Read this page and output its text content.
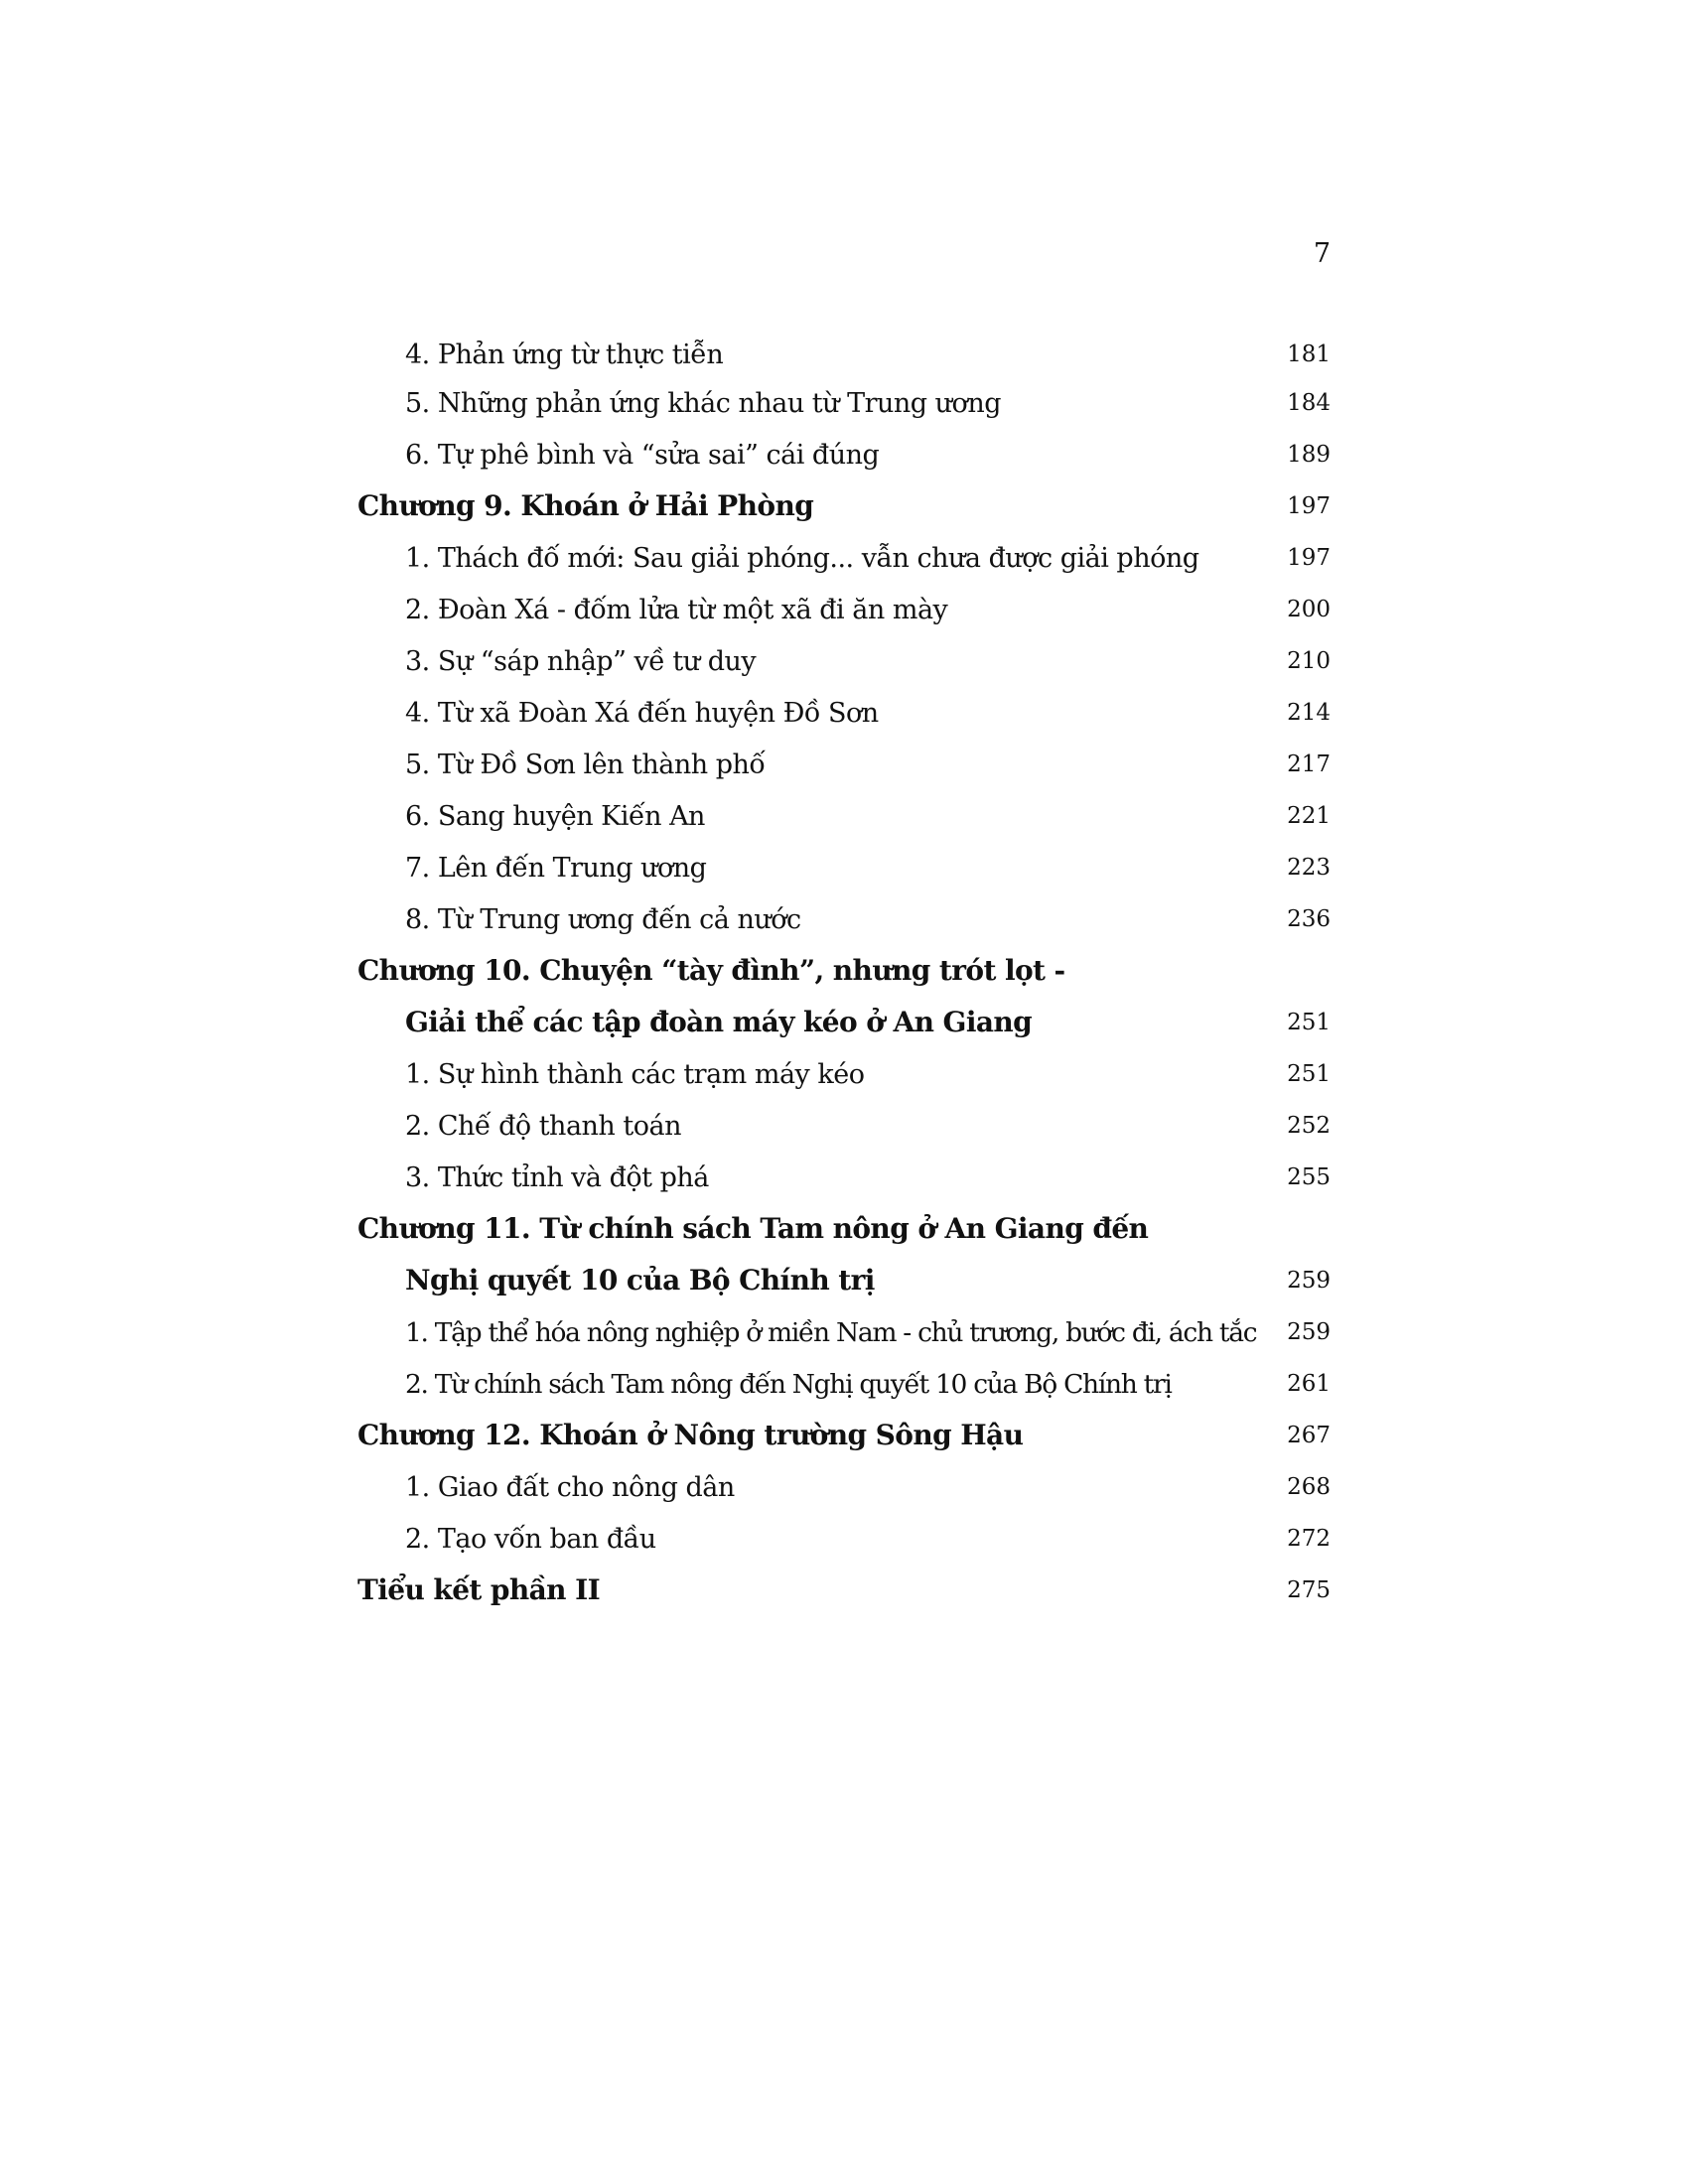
7
4. Phản ứng từ thực tiễn	181
5. Những phản ứng khác nhau từ Trung ương	184
6. Tự phê bình và “sửa sai” cái đúng	189
Chương 9. Khoán ở Hải Phòng	197
1. Thách đố mới: Sau giải phóng... vẫn chưa được giải phóng	197
2. Đoàn Xá - đốm lửa từ một xã đi ăn mày	200
3. Sự “sáp nhập” về tư duy	210
4. Từ xã Đoàn Xá đến huyện Đồ Sơn	214
5. Từ Đồ Sơn lên thành phố	217
6. Sang huyện Kiến An	221
7. Lên đến Trung ương	223
8. Từ Trung ương đến cả nước	236
Chương 10. Chuyện “tày đình”, nhưng trót lọt -
Giải thể các tập đoàn máy kéo ở An Giang	251
1. Sự hình thành các trạm máy kéo	251
2. Chế độ thanh toán	252
3. Thức tỉnh và đột phá	255
Chương 11. Từ chính sách Tam nông ở An Giang đến
Nghị quyết 10 của Bộ Chính trị	259
1. Tập thể hóa nông nghiệp ở miền Nam - chủ trương, bước đi, ách tắc 259
2. Từ chính sách Tam nông đến Nghị quyết 10 của Bộ Chính trị	261
Chương 12. Khoán ở Nông trường Sông Hậu	267
1. Giao đất cho nông dân	268
2. Tạo vốn ban đầu	272
Tiểu kết phần II	275
